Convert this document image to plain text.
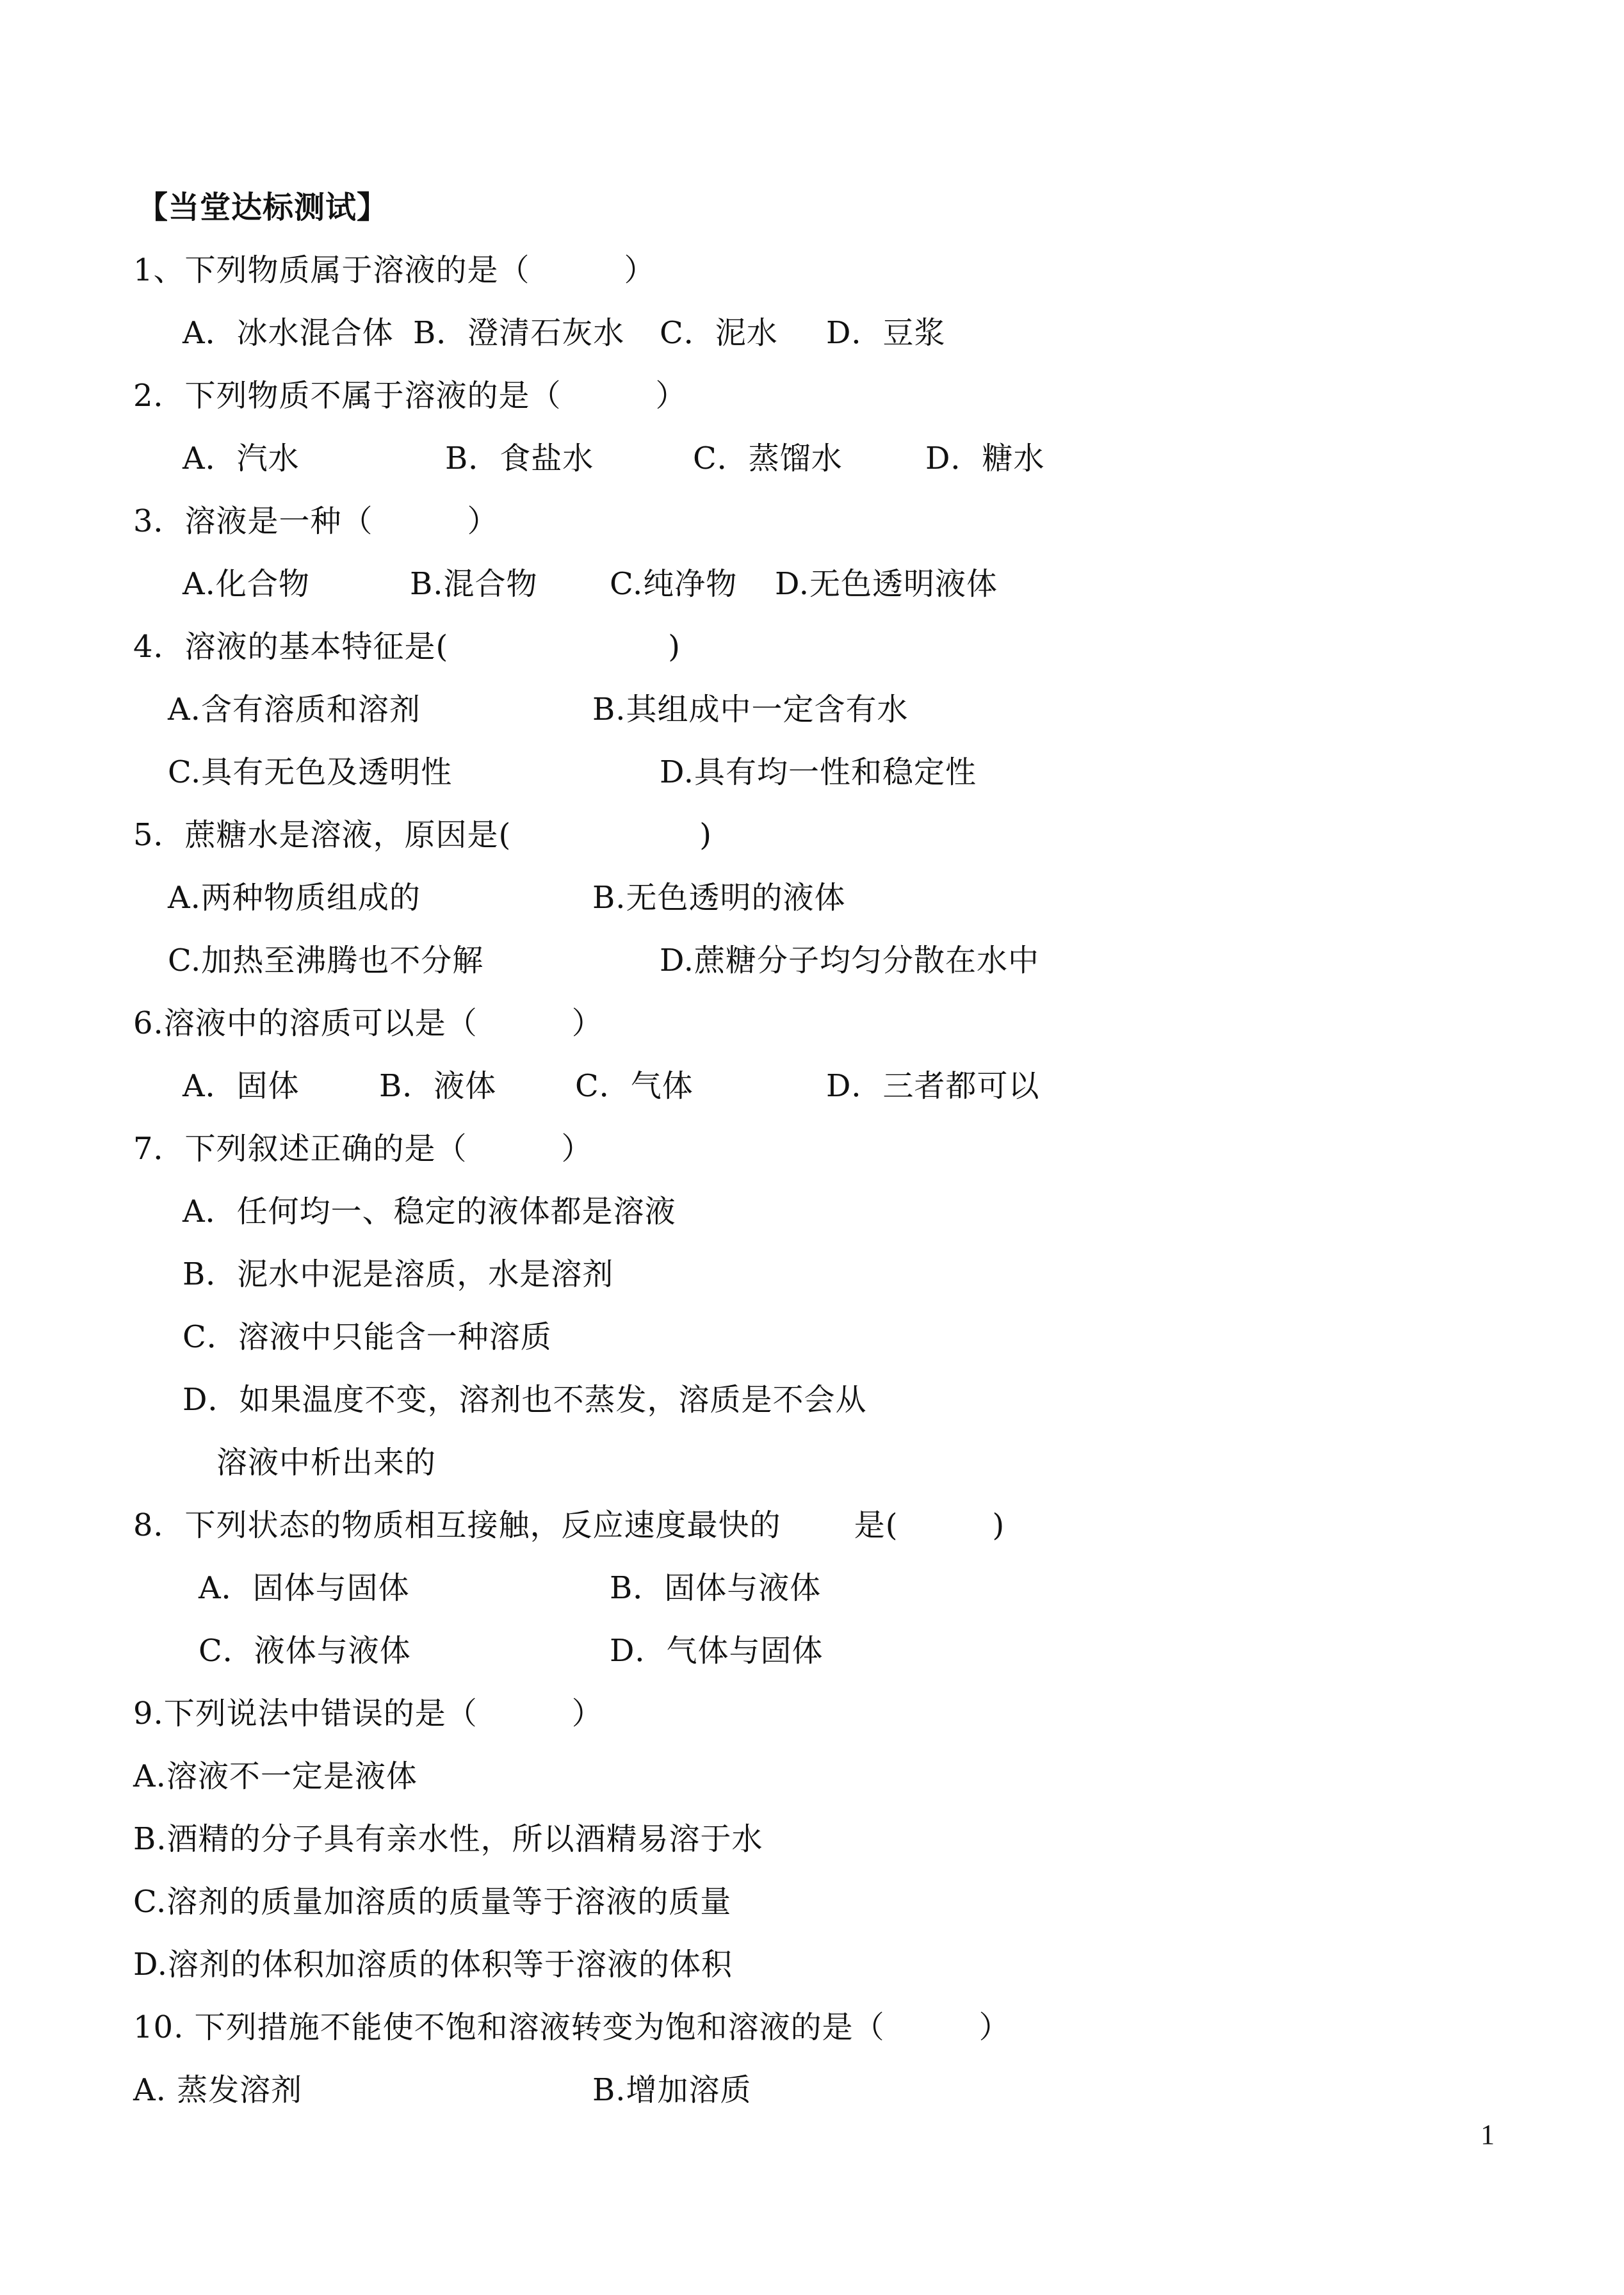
【当堂达标测试】
1、下列物质属于溶液的是（　　　）
A．冰水混合体 B．澄清石灰水 C．泥水 D．豆浆
2．下列物质不属于溶液的是（　　　）
A．汽水	B．食盐水	C．蒸馏水	D．糖水
3．溶液是一种（　　　）
A.化合物	B.混合物 C.纯净物 D.无色透明液体
4．溶液的基本特征是(　　　　　　　)
A.含有溶质和溶剂	B.其组成中一定含有水
C.具有无色及透明性	D.具有均一性和稳定性
5．蔗糖水是溶液，原因是(　　　　　　)
A.两种物质组成的	B.无色透明的液体
C.加热至沸腾也不分解	D.蔗糖分子均匀分散在水中
6.溶液中的溶质可以是（　　　）
A．固体	B．液体	C．气体	D．三者都可以
7．下列叙述正确的是（　　　）
A．任何均一、稳定的液体都是溶液
B．泥水中泥是溶质，水是溶剂
C．溶液中只能含一种溶质
D．如果温度不变，溶剂也不蒸发，溶质是不会从
溶液中析出来的
8．下列状态的物质相互接触，反应速度最快的　　 是(　　　)
A．固体与固体	B．固体与液体
C．液体与液体	D．气体与固体
9.下列说法中错误的是（　　　）
A.溶液不一定是液体
B.酒精的分子具有亲水性，所以酒精易溶于水
C.溶剂的质量加溶质的质量等于溶液的质量
D.溶剂的体积加溶质的体积等于溶液的体积
10. 下列措施不能使不饱和溶液转变为饱和溶液的是（　　　）
A. 蒸发溶剂	B.增加溶质
1
